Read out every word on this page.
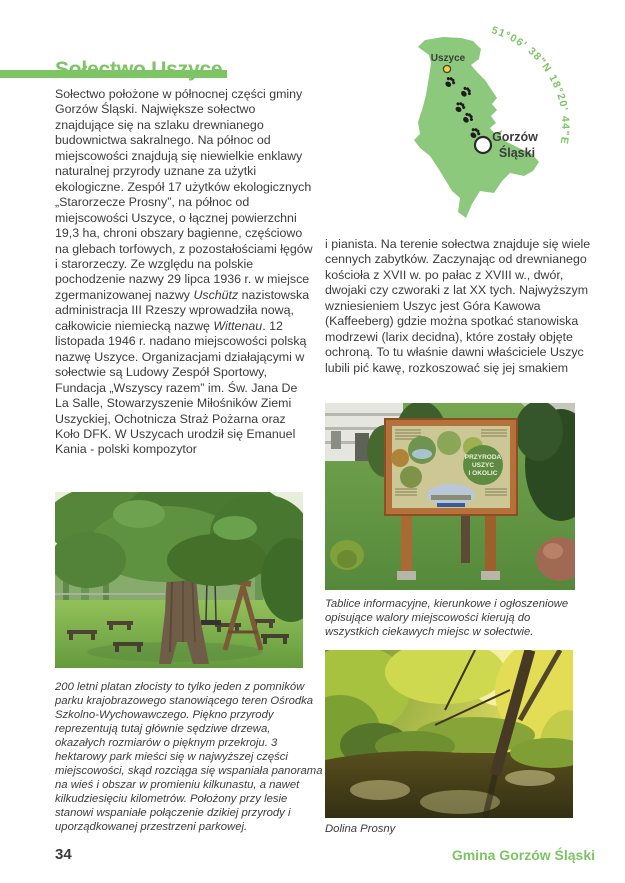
51°06' 38"N 18°20' 44"E
Uszyce
Gorzów
Śląski
Sołectwo położone w północnej części gminy Gorzów Śląski. Największe sołectwo znajdujące się na szlaku drewnianego budownictwa sakralnego. Na północ od miejscowości znajdują się niewielkie enklawy naturalnej przyrody uznane za użytki ekologiczne. Zespół 17 użytków ekologicznych „Starorzecze Prosny”, na północ od miejscowości Uszyce, o łącznej powierzchni 19,3 ha, chroni obszary bagienne, częściowo na glebach torfowych, z pozostałościami łęgów i starorzeczy. Ze względu na polskie pochodzenie nazwy 29 lipca 1936 r. w miejsce zgermanizowanej nazwy Uschütz nazistowska administracja III Rzeszy wprowadziła nową, całkowicie niemiecką nazwę Wittenau. 12 listopada 1946 r. nadano miejscowości polską nazwę Uszyce. Organizacjami działającymi w sołectwie są Ludowy Zespół Sportowy, Fundacja „Wszyscy razem” im. Św. Jana De La Salle, Stowarzyszenie Miłośników Ziemi Uszyckiej, Ochotnicza Straż Pożarna oraz Koło DFK. W Uszycach urodził się Emanuel Kania - polski kompozytor
i pianista. Na terenie sołectwa znajduje się wiele cennych zabytków. Zaczynając od drewnianego kościoła z XVII w. po pałac z XVIII w., dwór, dwojaki czy czworaki z lat XX tych. Najwyższym wzniesieniem Uszyc jest Góra Kawowa (Kaffeeberg) gdzie można spotkać stanowiska modrzewi (larix decidna), które zostały objęte ochroną. To tu właśnie dawni właściciele Uszyc lubili pić kawę, rozkoszować się jej smakiem
PRZYRODA
USZYC
I OKOLIC
200 letni platan złocisty to tylko jeden z pomników parku krajobrazowego stanowiącego teren Ośrodka Szkolno-Wychowawczego. Piękno przyrody reprezentują tutaj głównie sędziwe drzewa, okazałych rozmiarów o pięknym przekroju. 3 hektarowy park mieści się w najwyższej części miejscowości, skąd rozciąga się wspaniała panorama na wieś i obszar w promieniu kilkunastu, a nawet kilkudziesięciu kilometrów. Położony przy lesie stanowi wspaniałe połączenie dzikiej przyrody i uporządkowanej przestrzeni parkowej.
Tablice informacyjne, kierunkowe i ogłoszeniowe opisujące walory miejscowości kierują do wszystkich ciekawych miejsc w sołectwie.
Dolina Prosny
34	Gmina Gorzów Śląski
